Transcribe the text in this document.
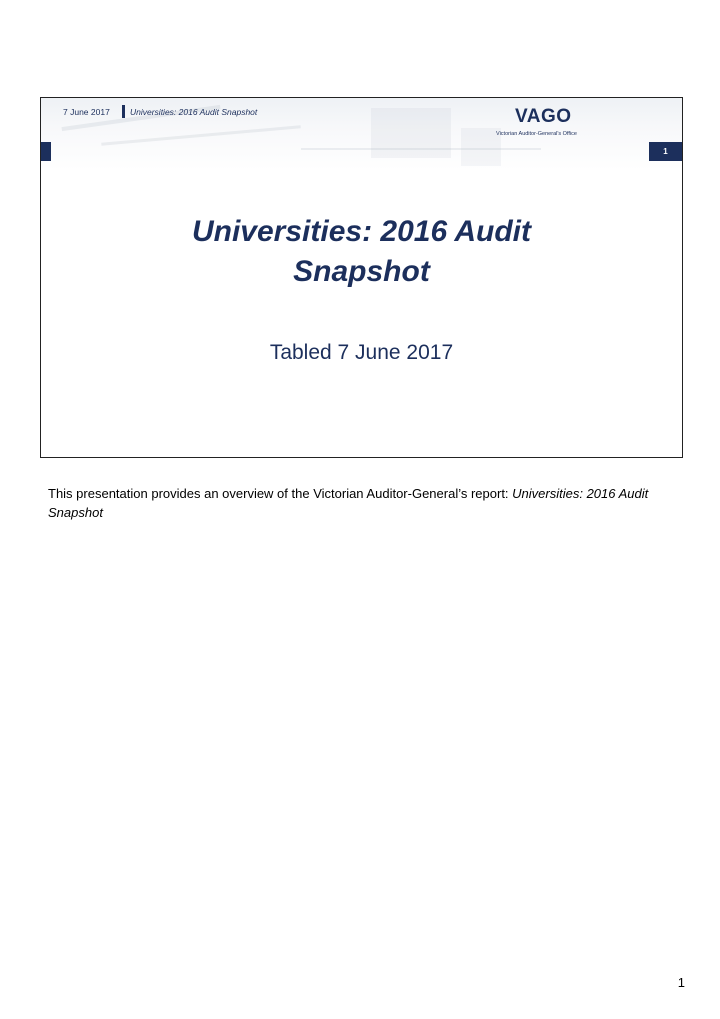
7 June 2017 Universities: 2016 Audit Snapshot	VAGO
Victorian Auditor-General's Office
1
Universities: 2016 Audit
Snapshot
Tabled 7 June 2017
This presentation provides an overview of the Victorian Auditor-General’s report: Universities: 2016 Audit Snapshot
1
